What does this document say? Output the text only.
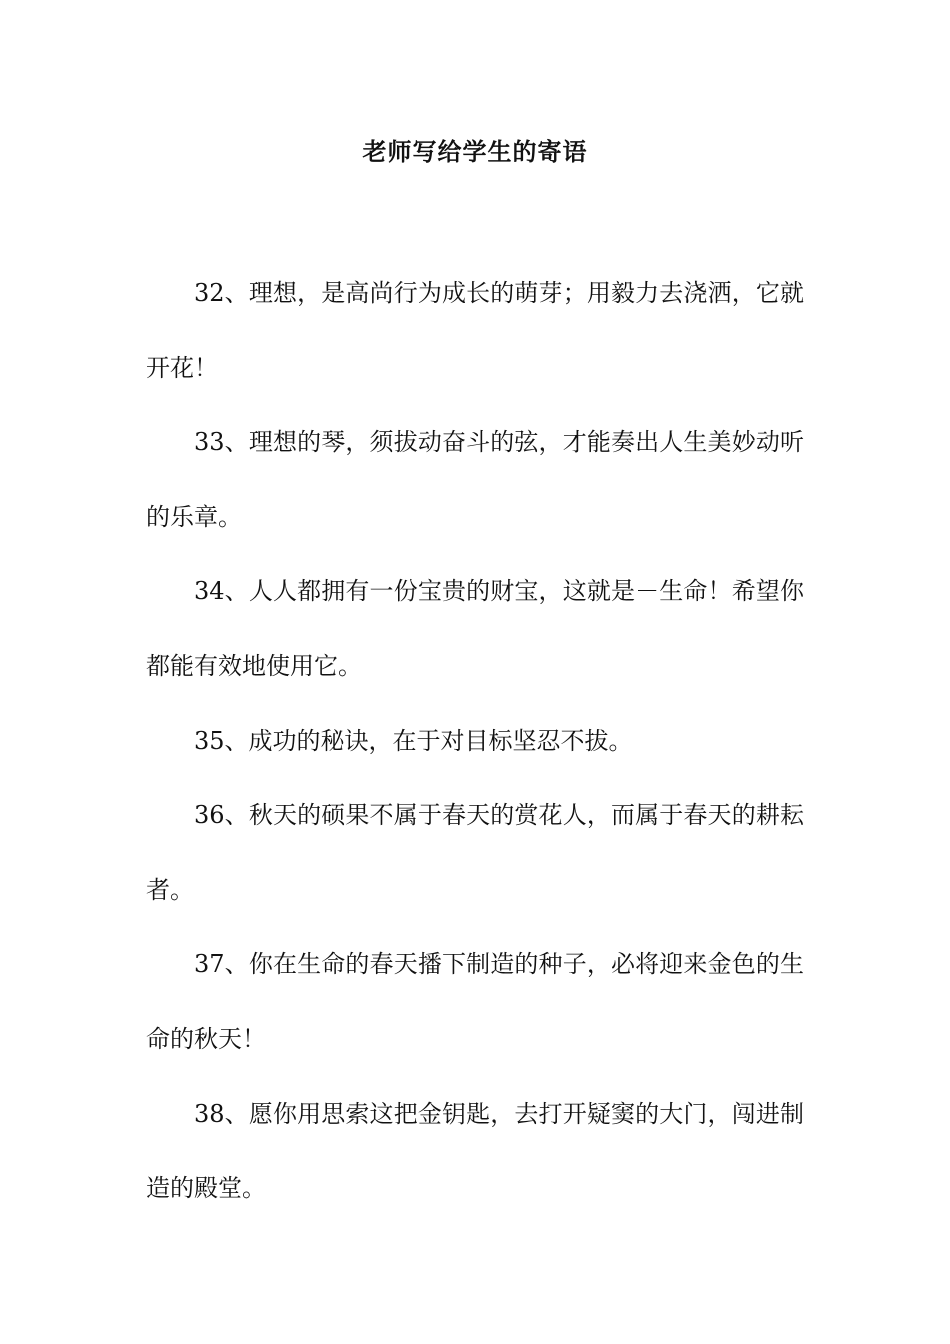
老师写给学生的寄语

32、理想，是高尚行为成长的萌芽；用毅力去浇洒，它就开花！

33、理想的琴，须拔动奋斗的弦，才能奏出人生美妙动听的乐章。

34、人人都拥有一份宝贵的财宝，这就是－生命！希望你都能有效地使用它。

35、成功的秘诀，在于对目标坚忍不拔。

36、秋天的硕果不属于春天的赏花人，而属于春天的耕耘者。

37、你在生命的春天播下制造的种子，必将迎来金色的生命的秋天！

38、愿你用思索这把金钥匙，去打开疑窦的大门，闯进制造的殿堂。
